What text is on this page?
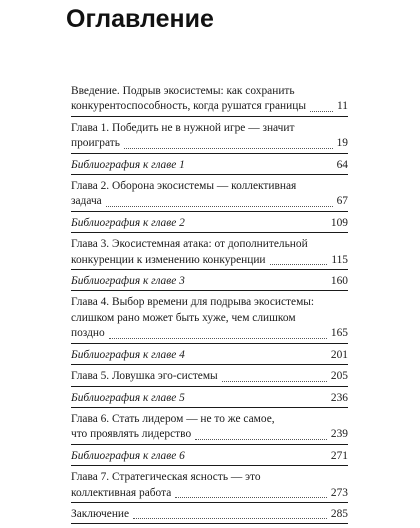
Оглавление
Введение. Подрыв экосистемы: как сохранить
конкурентоспособность, когда рушатся границы	11
Глава 1. Победить не в нужной игре — значит
проиграть	19
Библиография к главе 1	64
Глава 2. Оборона экосистемы — коллективная
задача	67
Библиография к главе 2	109
Глава 3. Экосистемная атака: от дополнительной
конкуренции к изменению конкуренции	115
Библиография к главе 3	160
Глава 4. Выбор времени для подрыва экосистемы:
слишком рано может быть хуже, чем слишком
поздно	165
Библиография к главе 4	201
Глава 5. Ловушка эго-системы	205
Библиография к главе 5	236
Глава 6. Стать лидером — не то же самое,
что проявлять лидерство	239
Библиография к главе 6	271
Глава 7. Стратегическая ясность — это
коллективная работа	273
Заключение	285
